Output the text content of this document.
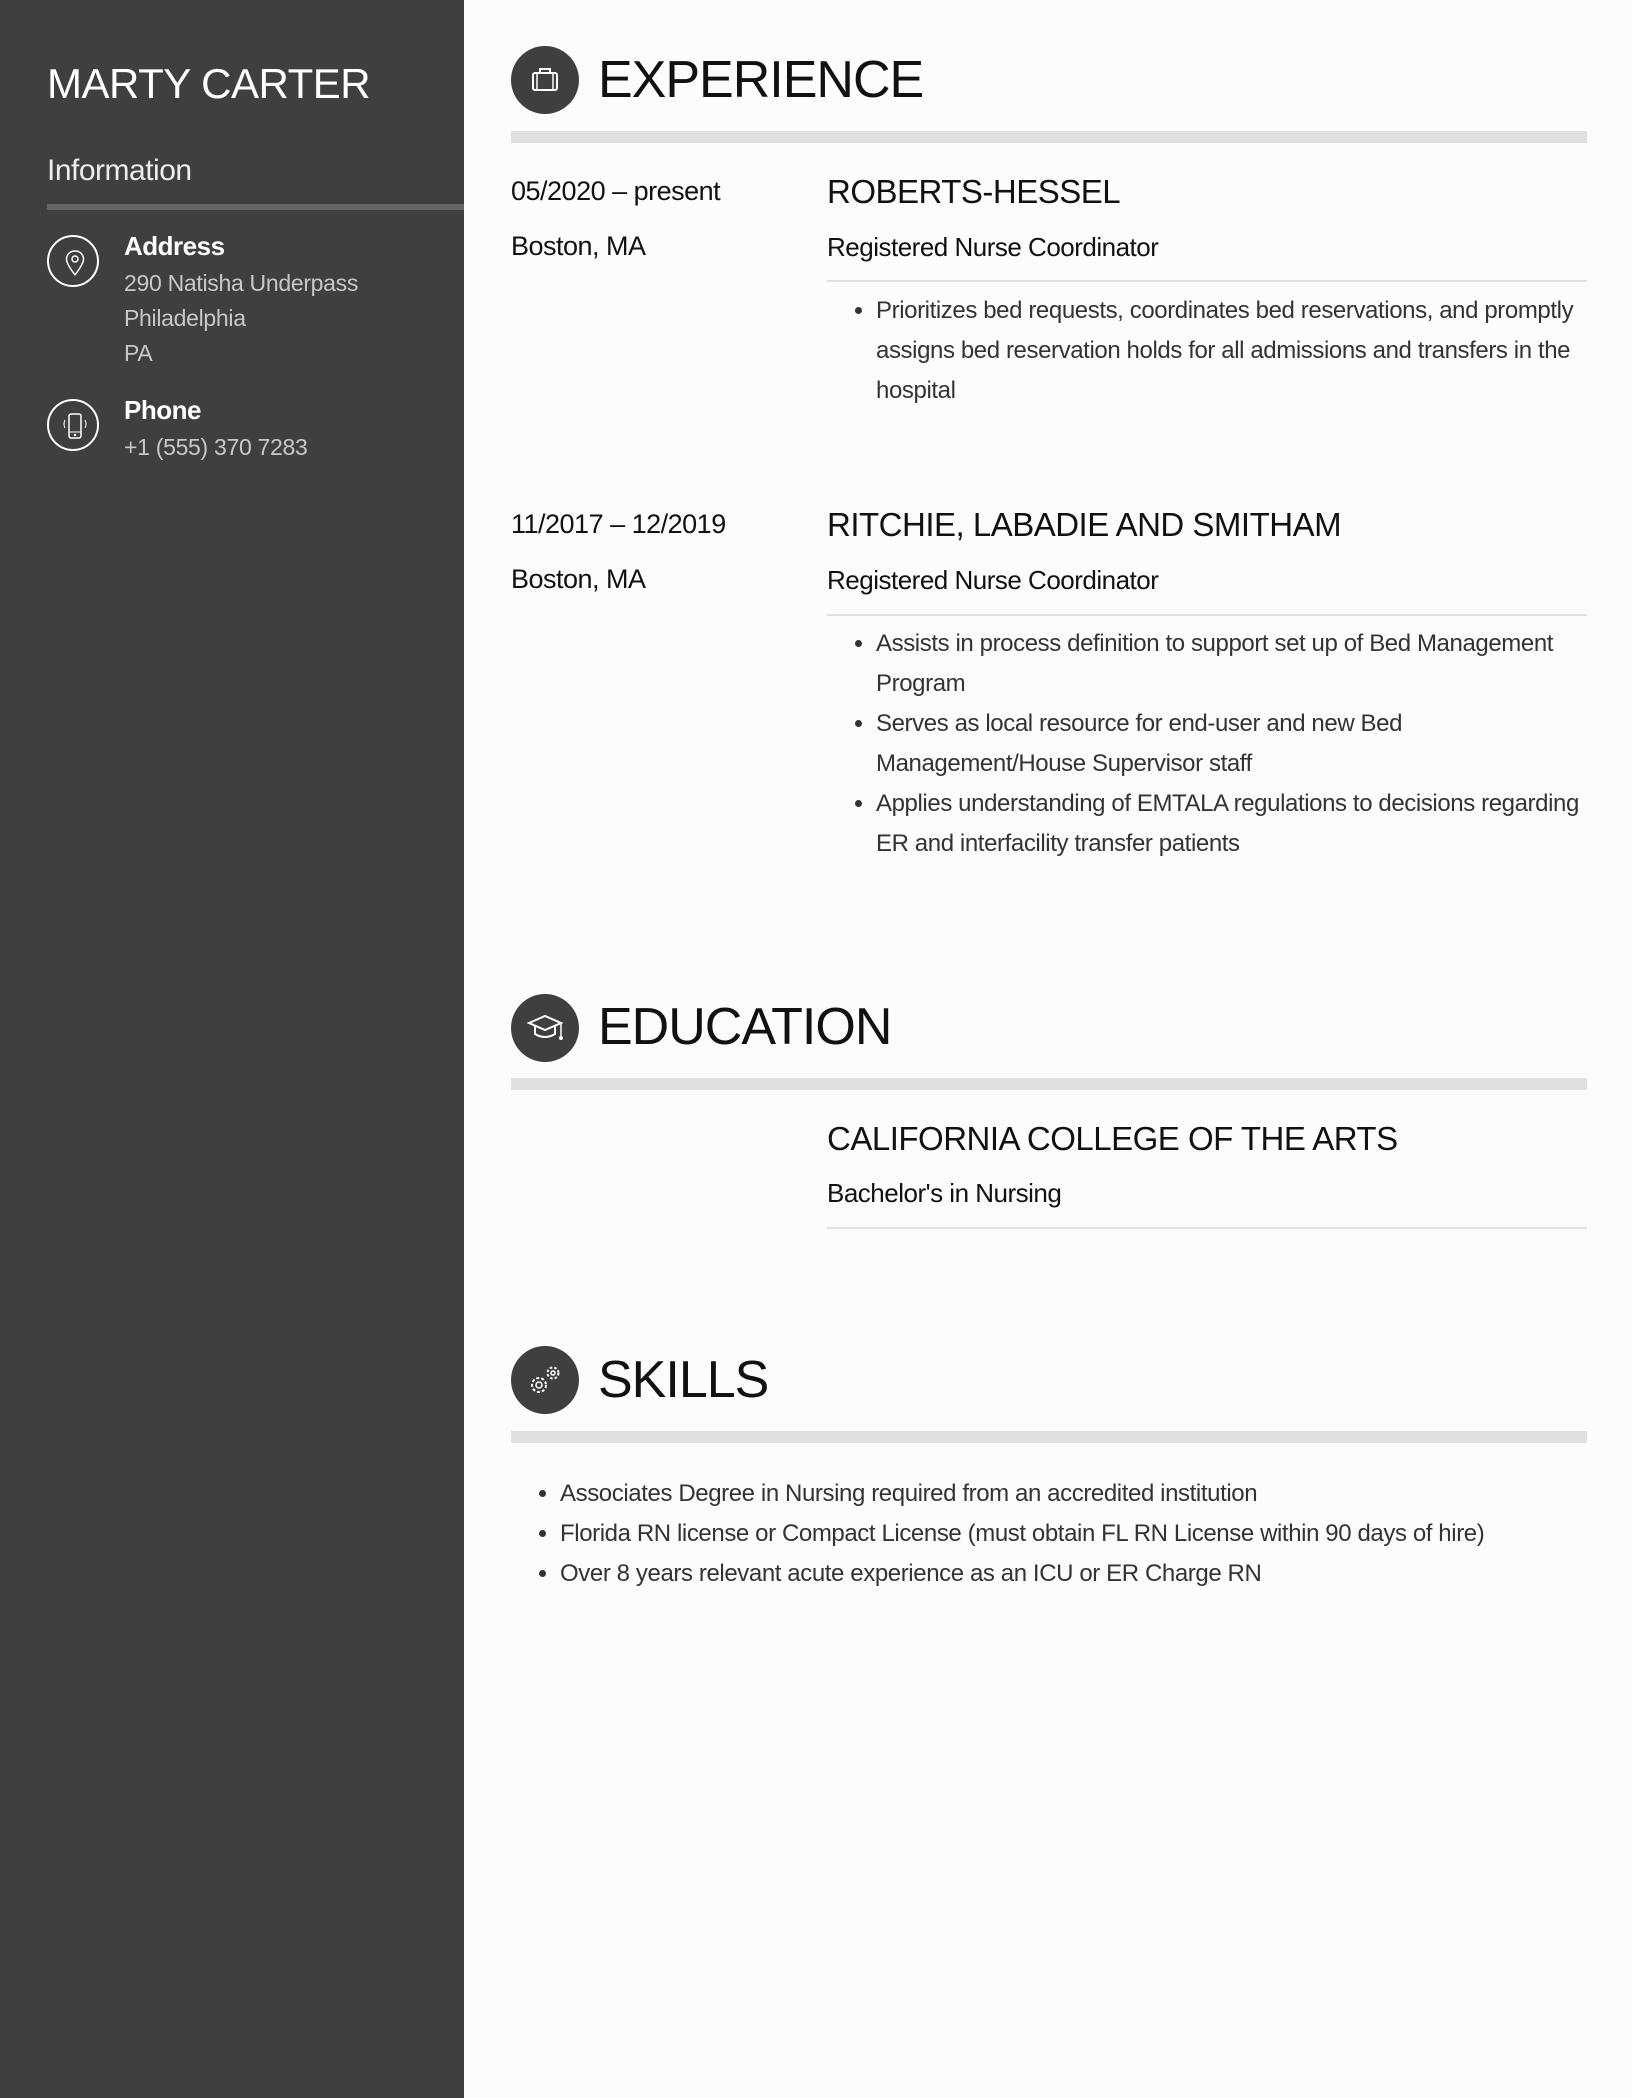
MARTY CARTER
Information
Address
290 Natisha Underpass
Philadelphia
PA
Phone
+1 (555) 370 7283
EXPERIENCE
05/2020 – present
Boston, MA
ROBERTS-HESSEL
Registered Nurse Coordinator
• Prioritizes bed requests, coordinates bed reservations, and promptly assigns bed reservation holds for all admissions and transfers in the hospital
11/2017 – 12/2019
Boston, MA
RITCHIE, LABADIE AND SMITHAM
Registered Nurse Coordinator
• Assists in process definition to support set up of Bed Management Program
• Serves as local resource for end-user and new Bed Management/House Supervisor staff
• Applies understanding of EMTALA regulations to decisions regarding ER and interfacility transfer patients
EDUCATION
CALIFORNIA COLLEGE OF THE ARTS
Bachelor's in Nursing
SKILLS
• Associates Degree in Nursing required from an accredited institution
• Florida RN license or Compact License (must obtain FL RN License within 90 days of hire)
• Over 8 years relevant acute experience as an ICU or ER Charge RN
